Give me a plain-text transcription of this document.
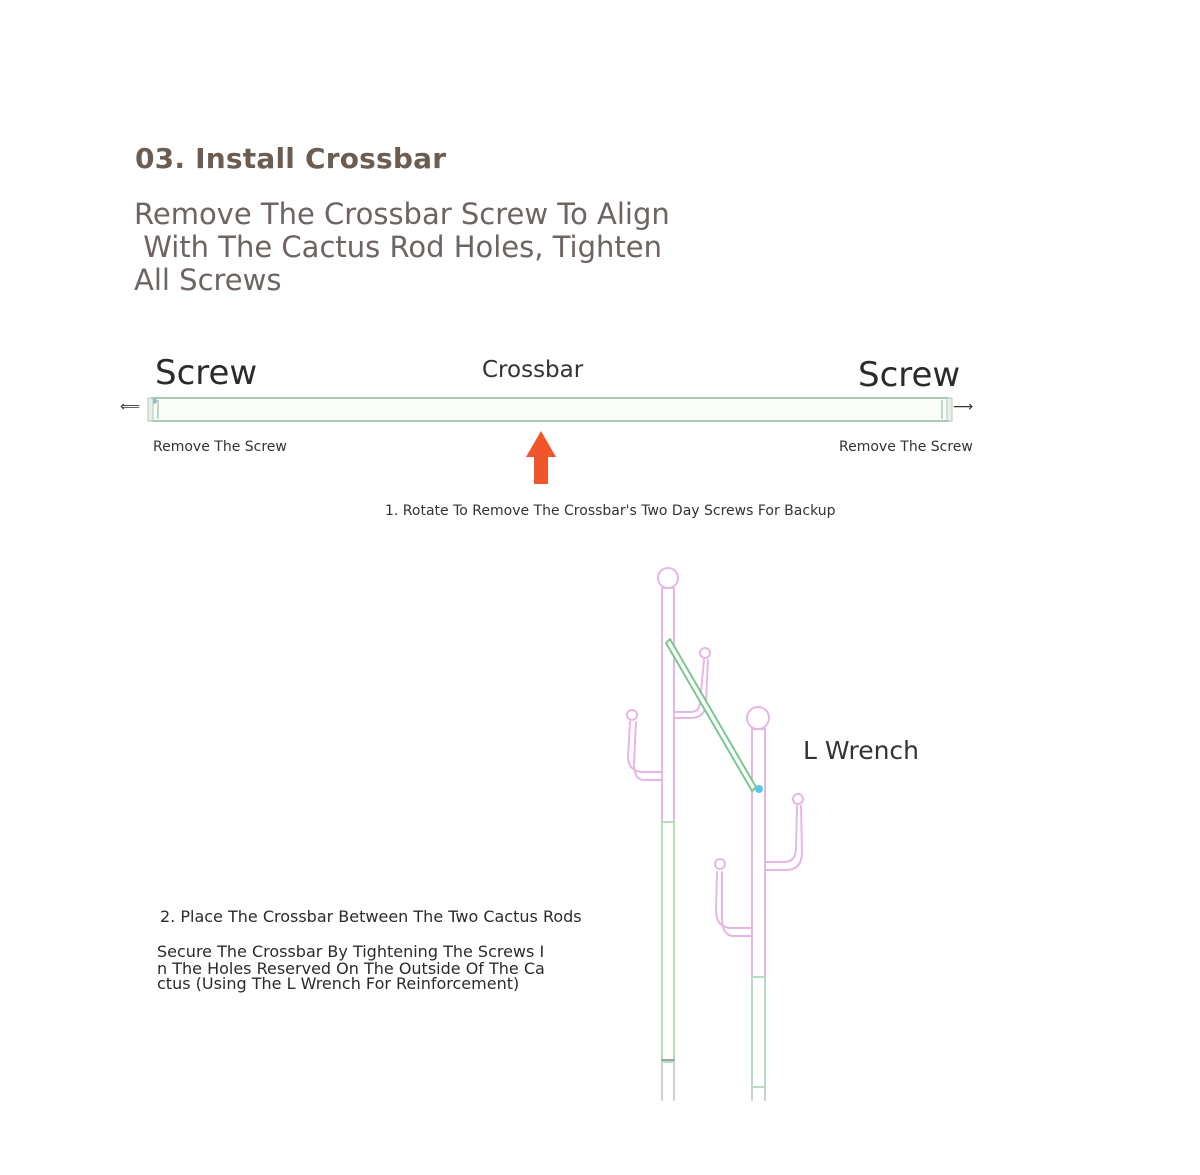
03. Install Crossbar
Remove The Crossbar Screw To Align
With The Cactus Rod Holes, Tighten
All Screws
Screw	Screw
Crossbar
⟸	⟶
Remove The Screw	Remove The Screw
1. Rotate To Remove The Crossbar's Two Day Screws For Backup
L Wrench
2. Place The Crossbar Between The Two Cactus Rods
Secure The Crossbar By Tightening The Screws I
n The Holes Reserved On The Outside Of The Ca
ctus (Using The L Wrench For Reinforcement)
